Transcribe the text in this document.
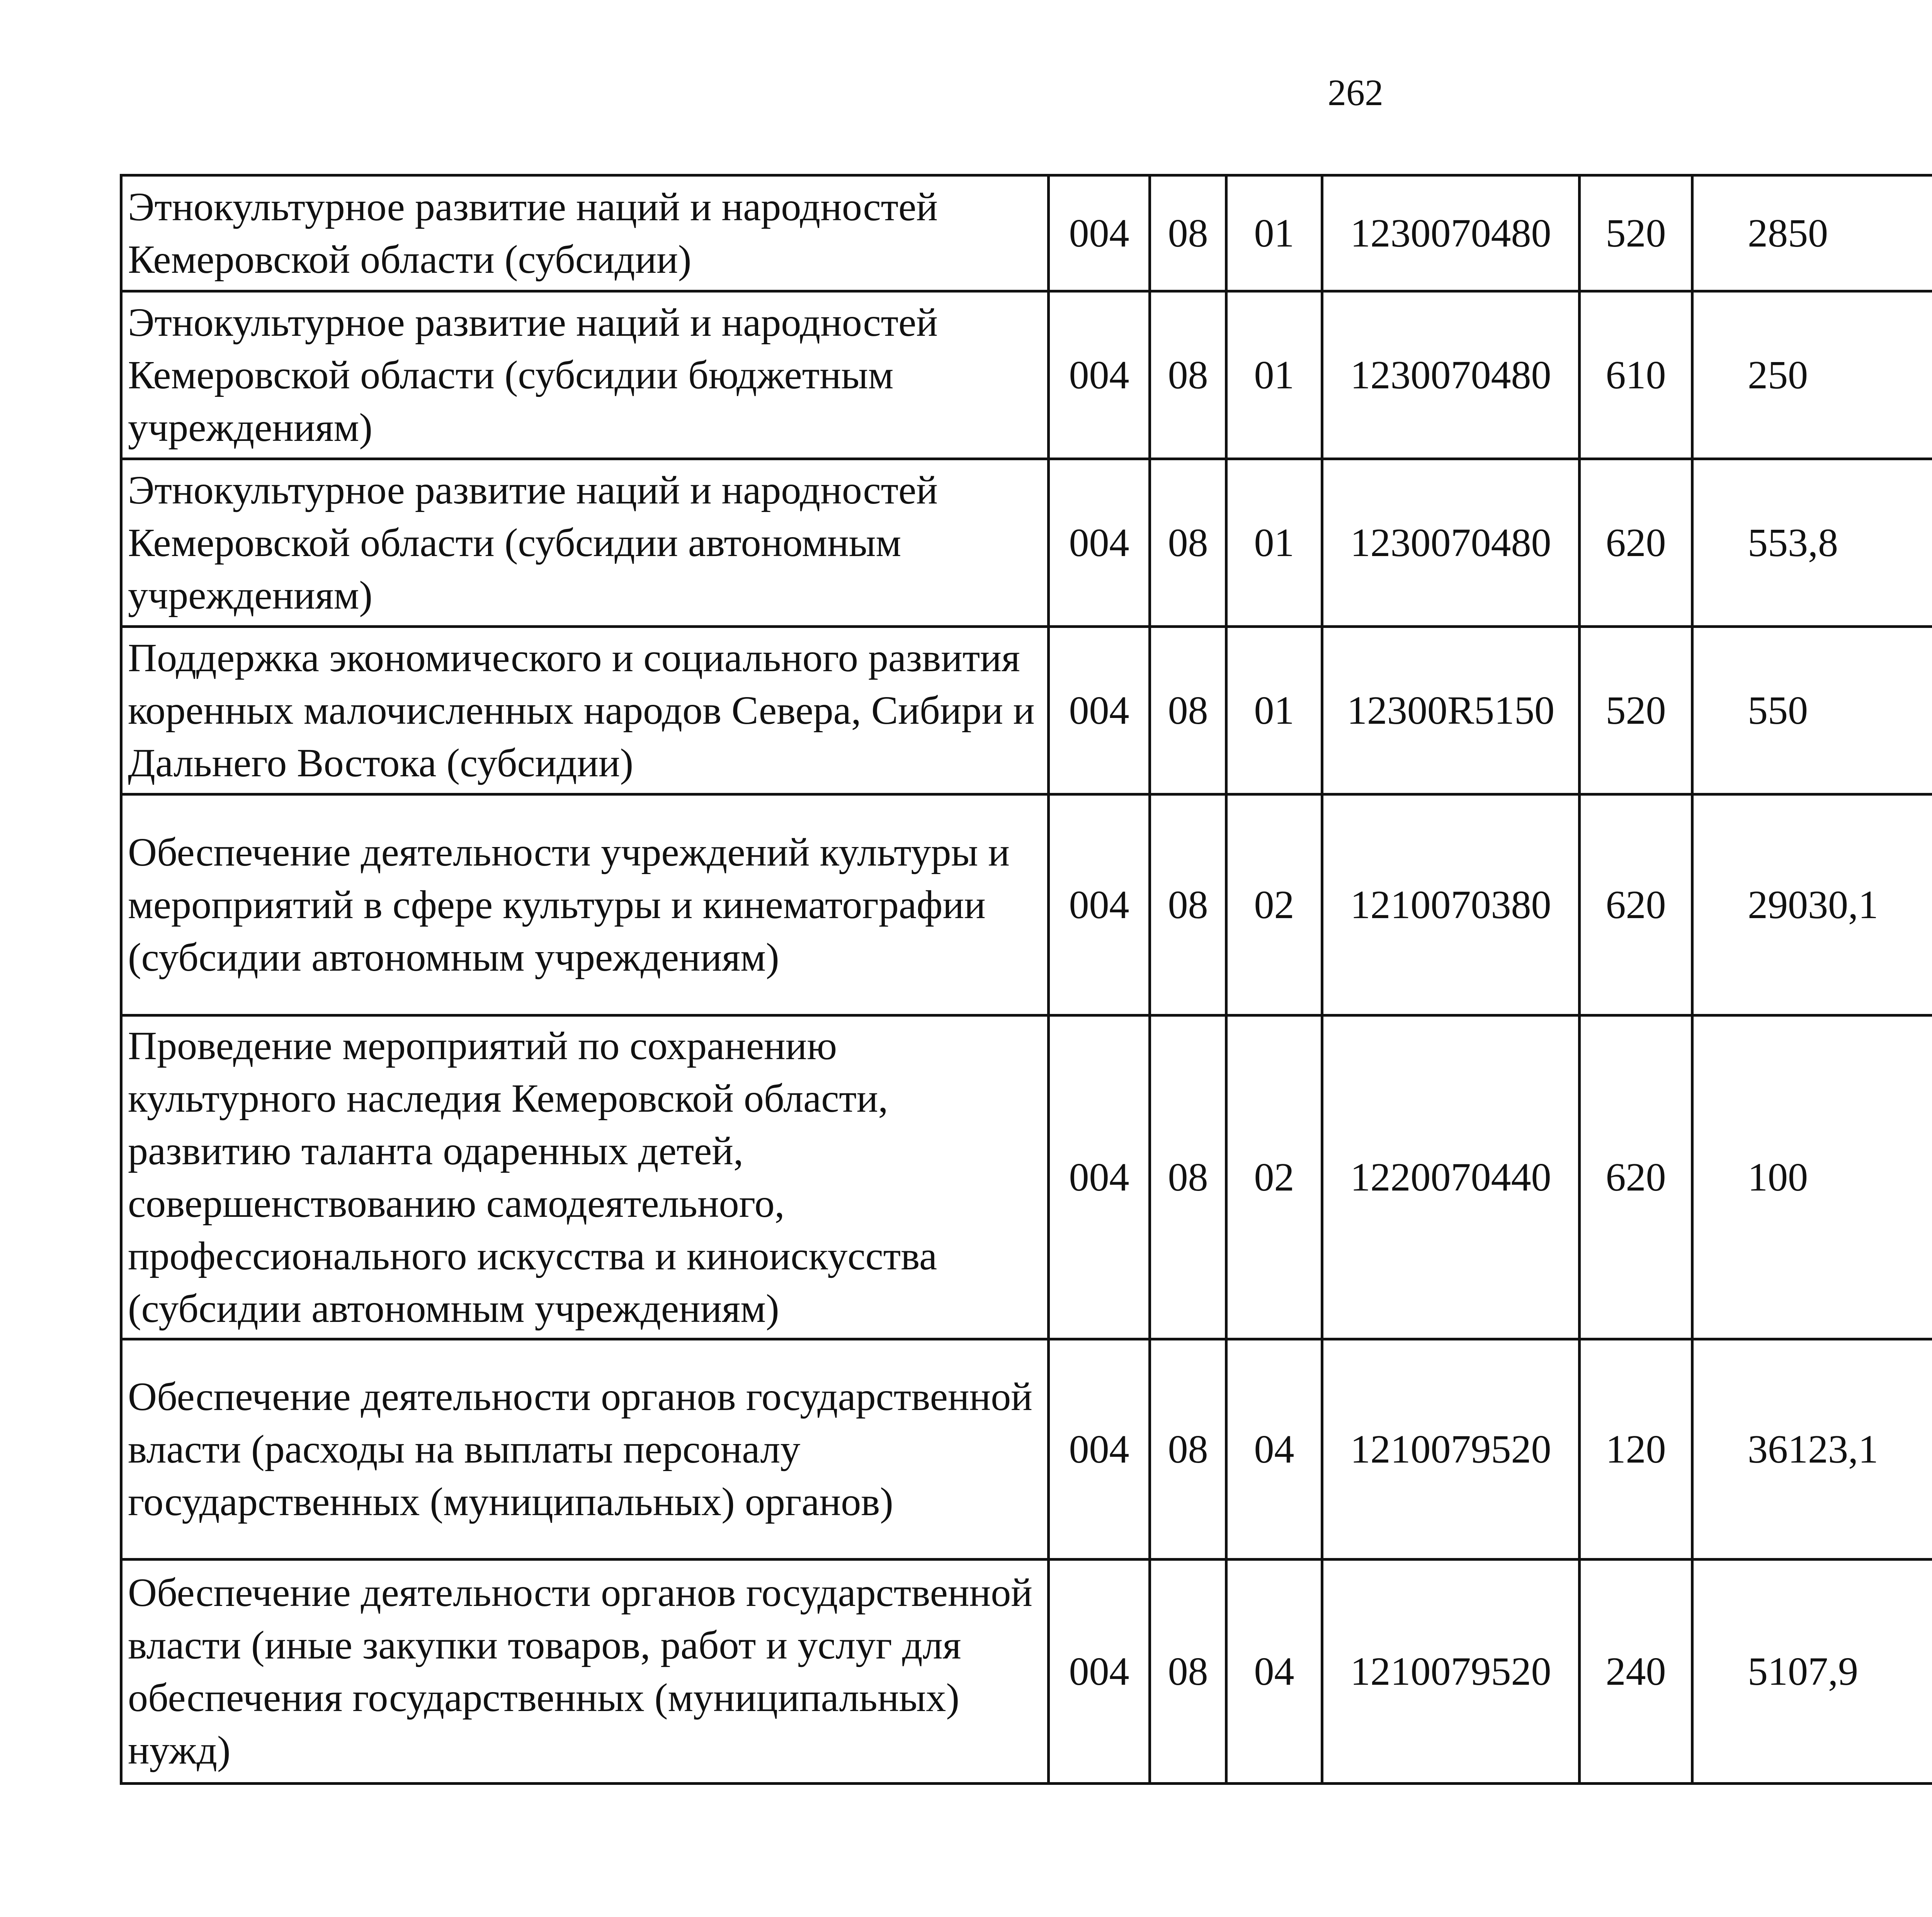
262
Этнокультурное развитие наций и народностей Кемеровской области (субсидии)	004	08	01	1230070480	520	2850		
Этнокультурное развитие наций и народностей Кемеровской области (субсидии бюджетным учреждениям)	004	08	01	1230070480	610	250		
Этнокультурное развитие наций и народностей Кемеровской области (субсидии автономным учреждениям)	004	08	01	1230070480	620	553,8		
Поддержка экономического и социального развития коренных малочисленных народов Севера, Сибири и Дальнего Востока (субсидии)	004	08	01	12300R5150	520	550		
Обеспечение деятельности учреждений культуры и мероприятий в сфере культуры и кинематографии (субсидии автономным учреждениям)	004	08	02	1210070380	620	29030,1		
Проведение мероприятий по сохранению культурного наследия Кемеровской области, развитию таланта одаренных детей, совершенствованию самодеятельного, профессионального искусства и киноискусства (субсидии автономным учреждениям)	004	08	02	1220070440	620	100		
Обеспечение деятельности органов государственной власти (расходы на выплаты персоналу государственных (муниципальных) органов)	004	08	04	1210079520	120	36123,1		
Обеспечение деятельности органов государственной власти (иные закупки товаров, работ и услуг для обеспечения государственных (муниципальных) нужд)	004	08	04	1210079520	240	5107,9		
